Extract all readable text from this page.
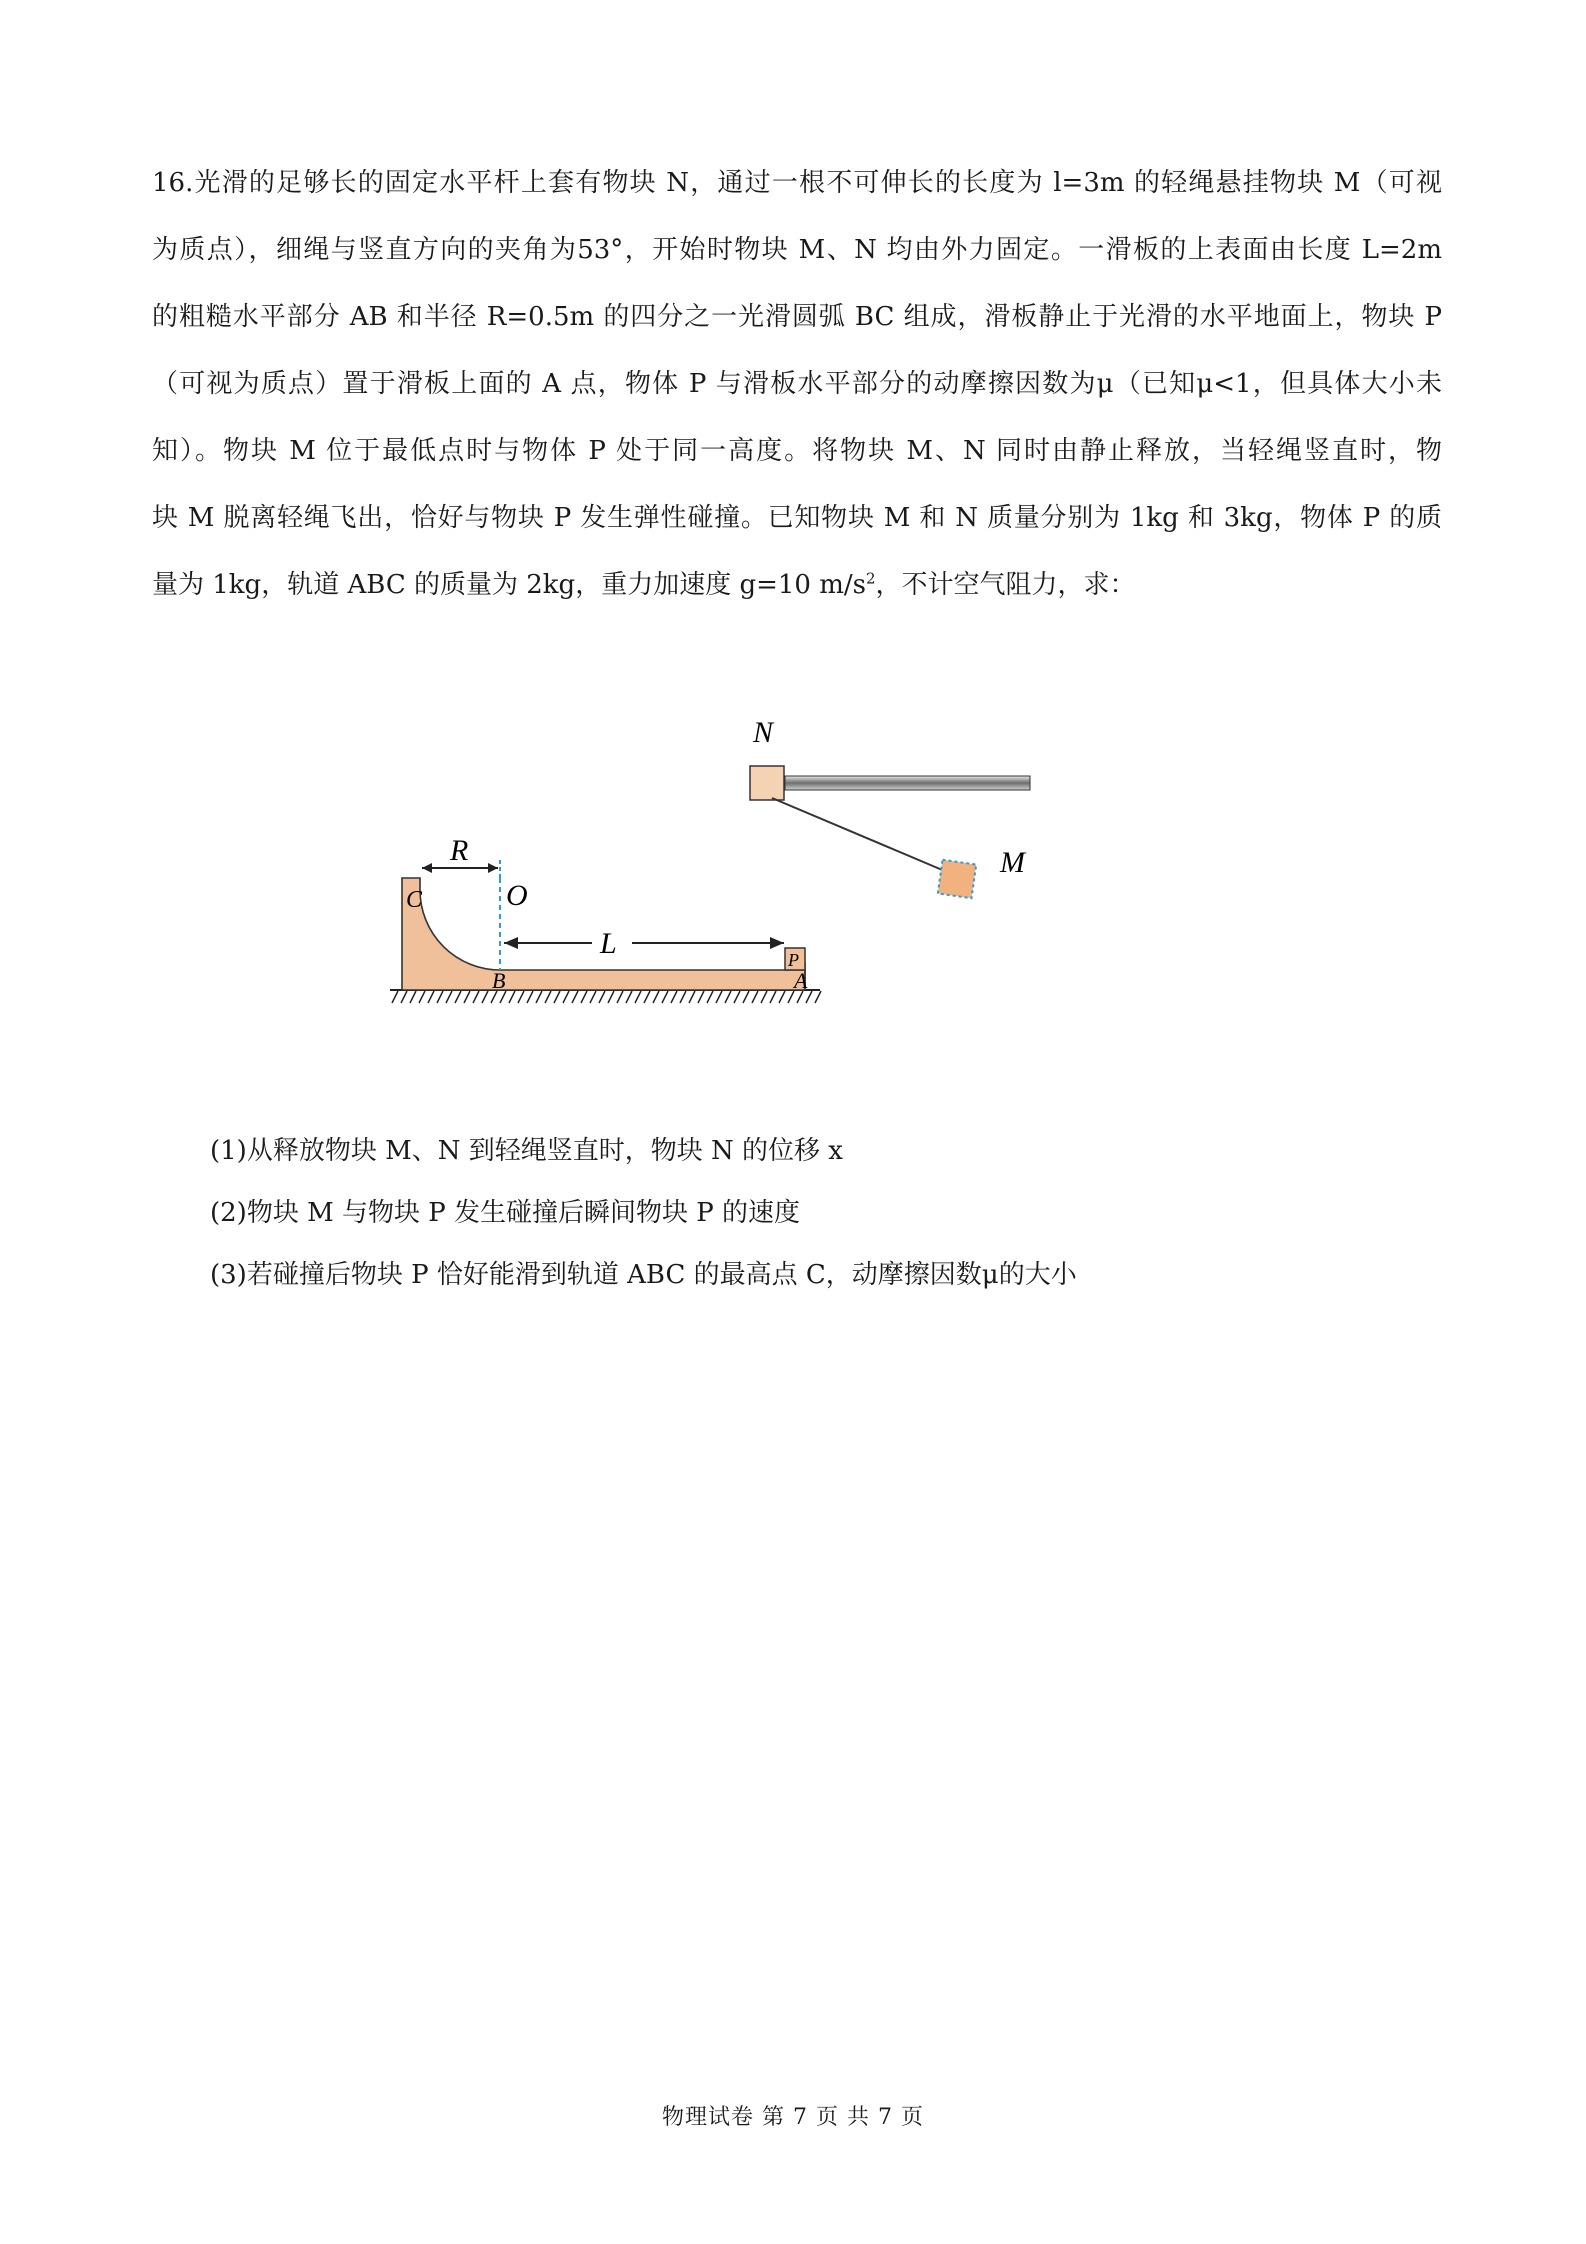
16.光滑的足够长的固定水平杆上套有物块 N，通过一根不可伸长的长度为 l=3m 的轻绳悬挂物块 M（可视
为质点），细绳与竖直方向的夹角为53°，开始时物块 M、N 均由外力固定。一滑板的上表面由长度 L=2m
的粗糙水平部分 AB 和半径 R=0.5m 的四分之一光滑圆弧 BC 组成，滑板静止于光滑的水平地面上，物块 P
（可视为质点）置于滑板上面的 A 点，物体 P 与滑板水平部分的动摩擦因数为μ（已知μ<1，但具体大小未
知）。物块 M 位于最低点时与物体 P 处于同一高度。将物块 M、N 同时由静止释放，当轻绳竖直时，物
块 M 脱离轻绳飞出，恰好与物块 P 发生弹性碰撞。已知物块 M 和 N 质量分别为 1kg 和 3kg，物体 P 的质
量为 1kg，轨道 ABC 的质量为 2kg，重力加速度 g=10 $m/s^2$，不计空气阻力，求：
R
O
L
C
B	A
P
N
M
(1)从释放物块 M、N 到轻绳竖直时，物块 N 的位移 x
(2)物块 M 与物块 P 发生碰撞后瞬间物块 P 的速度
(3)若碰撞后物块 P 恰好能滑到轨道 ABC 的最高点 C，动摩擦因数μ的大小
物理试卷 第 7 页 共 7 页
